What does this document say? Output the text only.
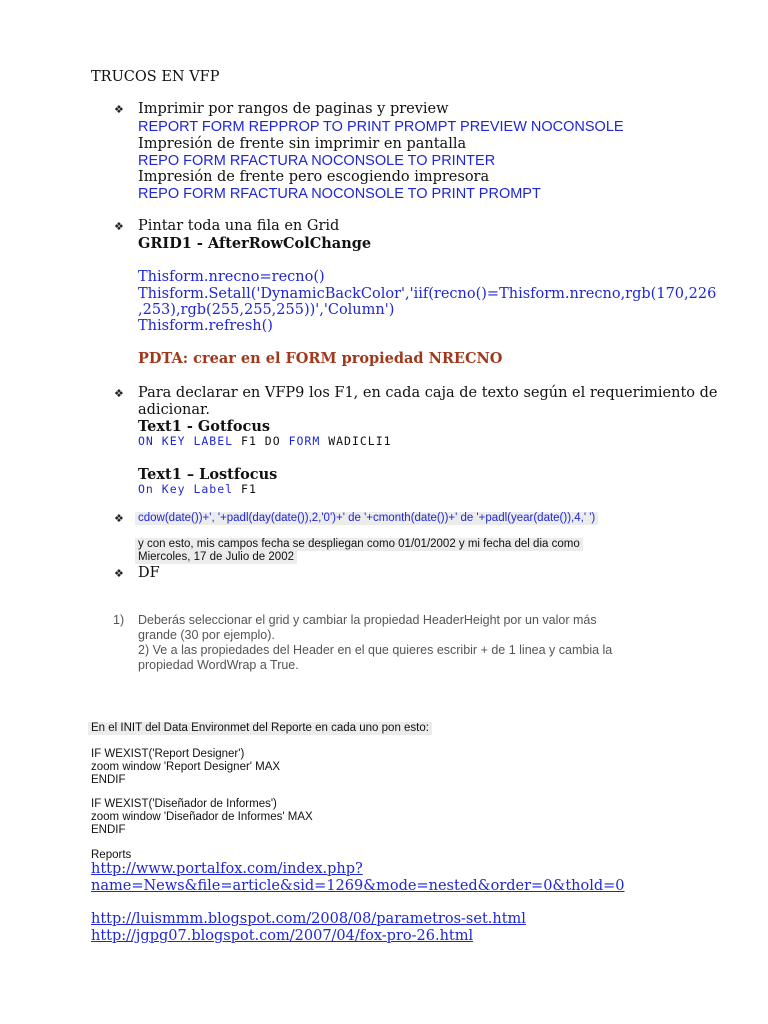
TRUCOS EN VFP
❖ Imprimir por rangos de paginas y preview
REPORT FORM REPPROP TO PRINT PROMPT PREVIEW NOCONSOLE
Impresión de frente sin imprimir en pantalla
REPO FORM RFACTURA NOCONSOLE TO PRINTER
Impresión de frente pero escogiendo impresora
REPO FORM RFACTURA NOCONSOLE TO PRINT PROMPT
❖ Pintar toda una fila en Grid
GRID1 - AfterRowColChange
Thisform.nrecno=recno()
Thisform.Setall('DynamicBackColor','iif(recno()=Thisform.nrecno,rgb(170,226
,253),rgb(255,255,255))','Column')
Thisform.refresh()
PDTA: crear en el FORM propiedad NRECNO
❖ Para declarar en VFP9 los F1, en cada caja de texto según el requerimiento de
adicionar.
Text1 - Gotfocus
ON KEY LABEL F1 DO FORM WADICLI1
Text1 – Lostfocus
On Key Label F1
❖ cdow(date())+', '+padl(day(date()),2,'0')+' de '+cmonth(date())+' de '+padl(year(date()),4,' ')
y con esto, mis campos fecha se despliegan como 01/01/2002 y mi fecha del dia como
Miercoles, 17 de Julio de 2002
❖ DF
1) Deberás seleccionar el grid y cambiar la propiedad HeaderHeight por un valor más
grande (30 por ejemplo).
2) Ve a las propiedades del Header en el que quieres escribir + de 1 linea y cambia la
propiedad WordWrap a True.
En el INIT del Data Environmet del Reporte en cada uno pon esto:
IF WEXIST('Report Designer')
zoom window 'Report Designer' MAX
ENDIF
IF WEXIST('Diseñador de Informes')
zoom window 'Diseñador de Informes' MAX
ENDIF
Reports
http://www.portalfox.com/index.php?
name=News&file=article&sid=1269&mode=nested&order=0&thold=0
http://luismmm.blogspot.com/2008/08/parametros-set.html
http://jgpg07.blogspot.com/2007/04/fox-pro-26.html
